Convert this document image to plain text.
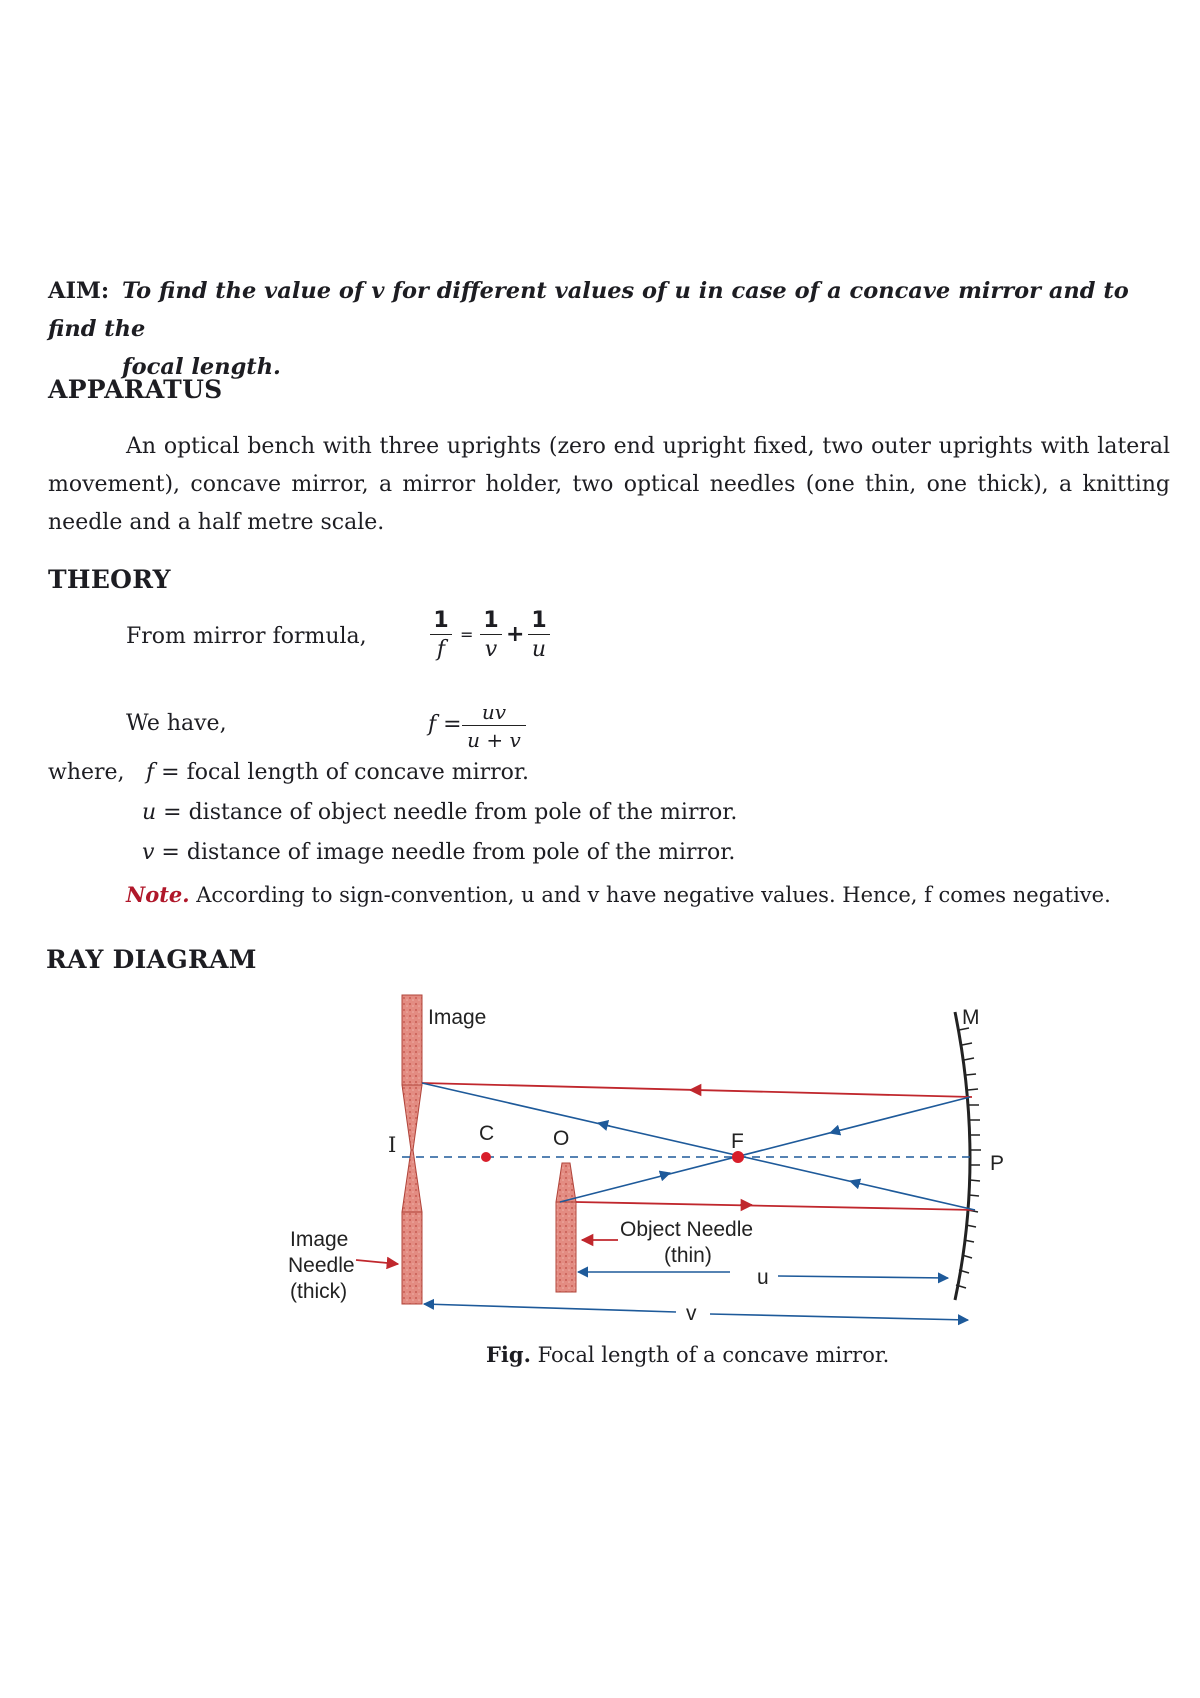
AIM: To find the value of v for different values of u in case of a concave mirror and to find the
focal length.
APPARATUS
An optical bench with three uprights (zero end upright fixed, two outer uprights with lateral movement), concave mirror, a mirror holder, two optical needles (one thin, one thick), a knitting needle and a half metre scale.
THEORY
From mirror formula,
1
f
=
1
v
+
1
u
We have,	f =	uv
u + v
where, f = focal length of concave mirror.
u = distance of object needle from pole of the mirror.
v = distance of image needle from pole of the mirror.
Note. According to sign-convention, u and v have negative values. Hence, f comes negative.
RAY DIAGRAM
Image	M
P
I	C	O	F
Image
Needle
(thick)
Object Needle
(thin)
u
v
Fig. Focal length of a concave mirror.
